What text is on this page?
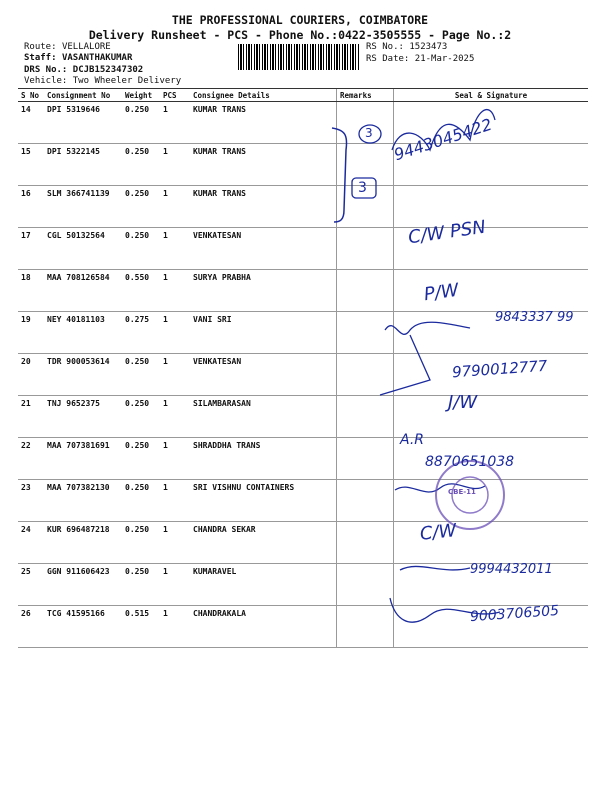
THE PROFESSIONAL COURIERS, COIMBATORE
Delivery Runsheet - PCS - Phone No.:0422-3505555 - Page No.:2
Route: VELLALORE
Staff: VASANTHAKUMAR
DRS No.: DCJB152347302
RS No.: 1523473
RS Date: 21-Mar-2025
Vehicle: Two Wheeler Delivery
S No	Consignment No	Weight	PCS	Consignee Details	Remarks	Seal & Signature
14	DPI 5319646	0.250	1	KUMAR TRANS		
15	DPI 5322145	0.250	1	KUMAR TRANS		
16	SLM 366741139	0.250	1	KUMAR TRANS		
17	CGL 50132564	0.250	1	VENKATESAN		
18	MAA 708126584	0.550	1	SURYA PRABHA		
19	NEY 40181103	0.275	1	VANI SRI		
20	TDR 900053614	0.250	1	VENKATESAN		
21	TNJ 9652375	0.250	1	SILAMBARASAN		
22	MAA 707381691	0.250	1	SHRADDHA TRANS		
23	MAA 707382130	0.250	1	SRI VISHNU CONTAINERS		
24	KUR 696487218	0.250	1	CHANDRA SEKAR		
25	GGN 911606423	0.250	1	KUMARAVEL		
26	TCG 41595166	0.515	1	CHANDRAKALA		
9443045422
3
3
C/W PSN
P/W
9843337 99
9790012777
J/W
A.R
8870651038
C/W
9994432011
9003706505
CBE-11
